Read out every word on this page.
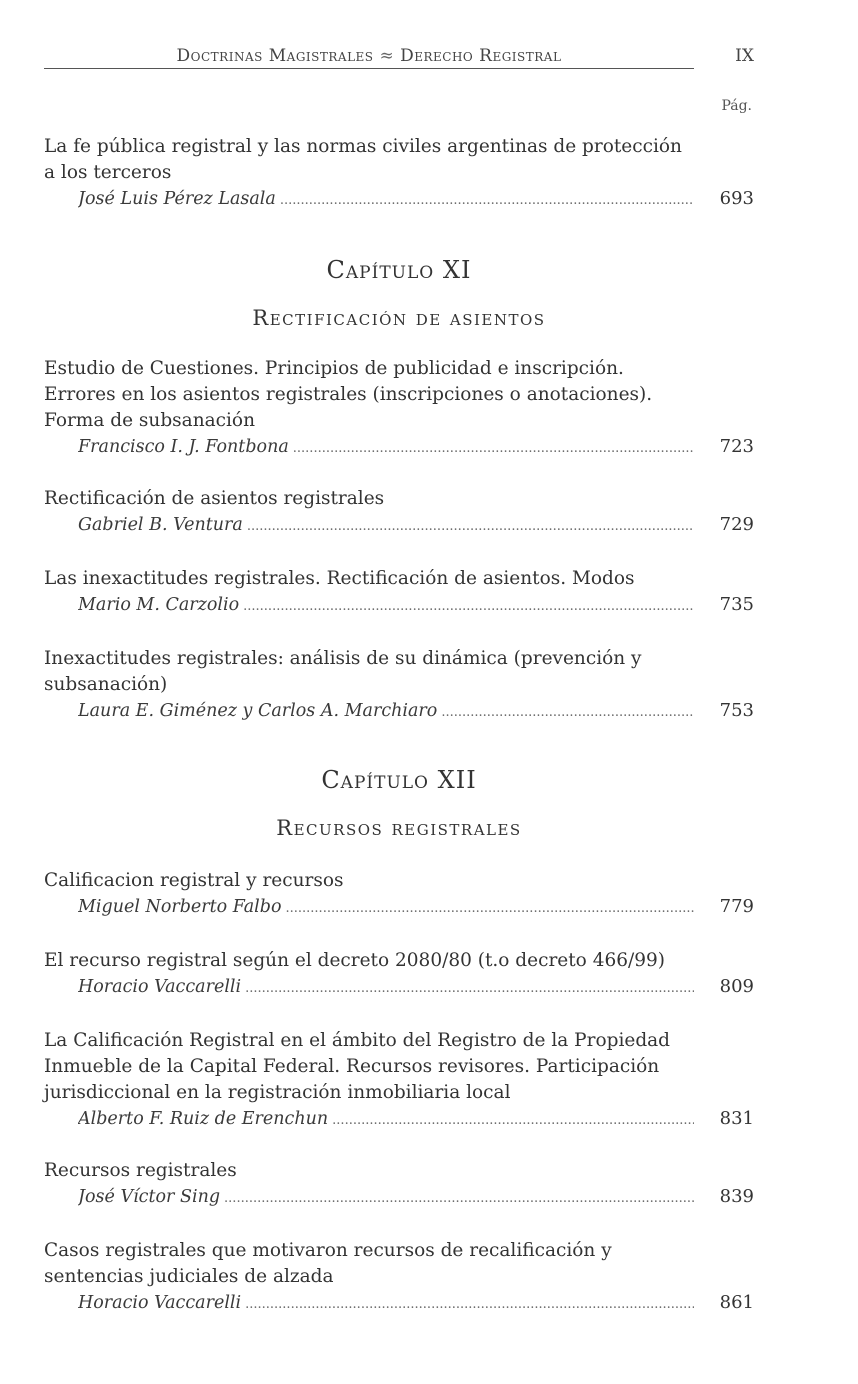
Doctrinas Magistrales ≈ Derecho Registral	IX
Pág.
La fe pública registral y las normas civiles argentinas de protección a los terceros
José Luis Pérez Lasala .....	693
Capítulo XI
Rectificación de asientos
Estudio de Cuestiones. Principios de publicidad e inscripción. Errores en los asientos registrales (inscripciones o anotaciones). Forma de subsanación
Francisco I. J. Fontbona .....	723
Rectificación de asientos registrales
Gabriel B. Ventura .....	729
Las inexactitudes registrales. Rectificación de asientos. Modos
Mario M. Carzolio .....	735
Inexactitudes registrales: análisis de su dinámica (prevención y subsanación)
Laura E. Giménez y Carlos A. Marchiaro .....	753
Capítulo XII
Recursos registrales
Calificacion registral y recursos
Miguel Norberto Falbo .....	779
El recurso registral según el decreto 2080/80 (t.o decreto 466/99)
Horacio Vaccarelli .....	809
La Calificación Registral en el ámbito del Registro de la Propiedad Inmueble de la Capital Federal. Recursos revisores. Participación jurisdiccional en la registración inmobiliaria local
Alberto F. Ruiz de Erenchun .....	831
Recursos registrales
José Víctor Sing .....	839
Casos registrales que motivaron recursos de recalificación y sentencias judiciales de alzada
Horacio Vaccarelli .....	861
